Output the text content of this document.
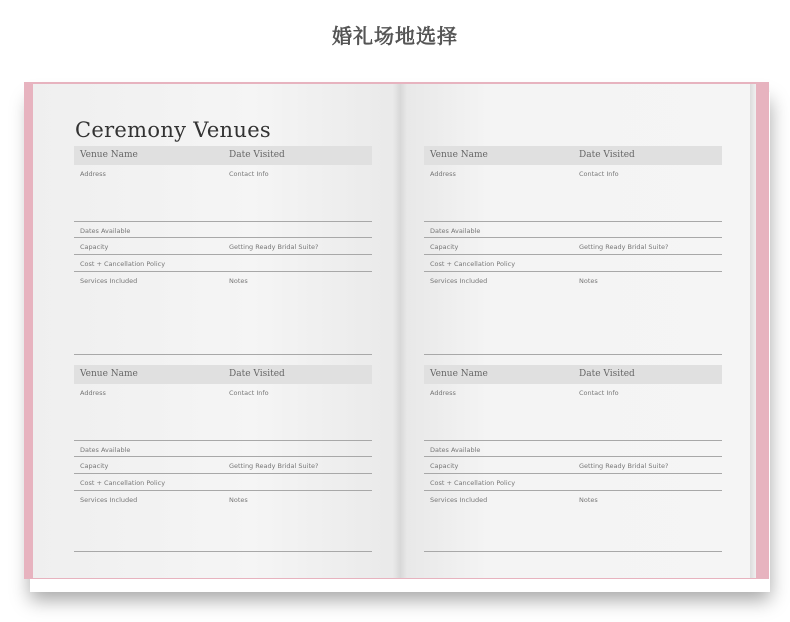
婚礼场地选择
Ceremony Venues
Venue Name	Date Visited
Address	Contact Info
Dates Available
Capacity	Getting Ready Bridal Suite?
Cost + Cancellation Policy
Services Included	Notes
Venue Name	Date Visited
Address	Contact Info
Dates Available
Capacity	Getting Ready Bridal Suite?
Cost + Cancellation Policy
Services Included	Notes
Venue Name	Date Visited
Address	Contact Info
Dates Available
Capacity	Getting Ready Bridal Suite?
Cost + Cancellation Policy
Services Included	Notes
Venue Name	Date Visited
Address	Contact Info
Dates Available
Capacity	Getting Ready Bridal Suite?
Cost + Cancellation Policy
Services Included	Notes
